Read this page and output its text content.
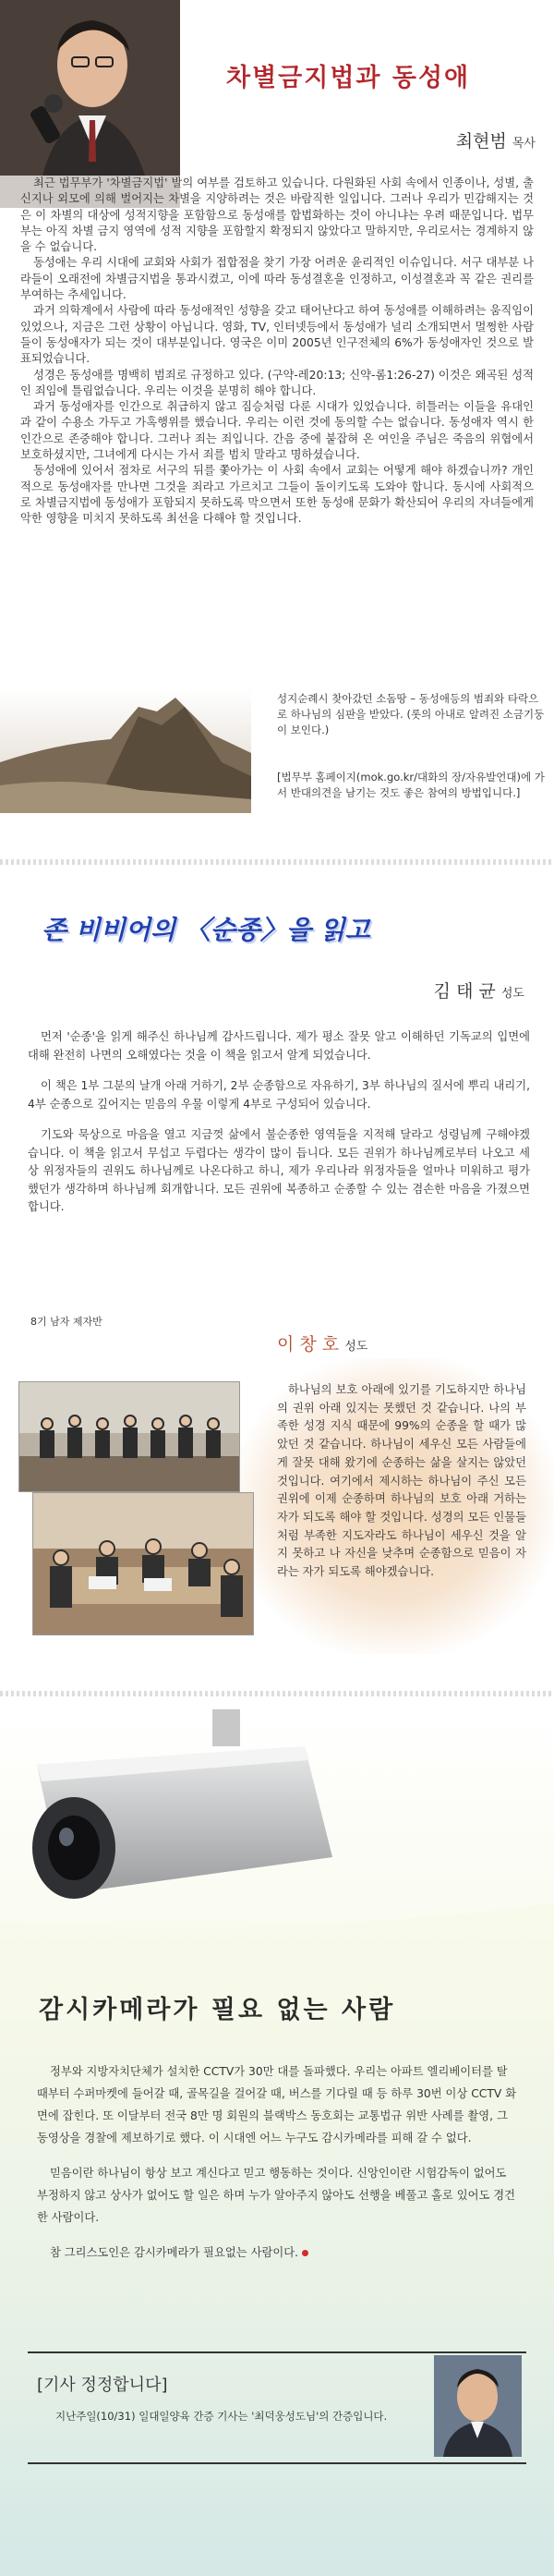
차별금지법과 동성애
최현범 목사

최근 법무부가 '차별금지법' 발의 여부를 검토하고 있습니다. 다원화된 사회 속에서 인종이나, 성별, 출신지나 외모에 의해 벌어지는 차별을 지양하려는 것은 바람직한 일입니다. 그러나 우리가 민감해지는 것은 이 차별의 대상에 성적지향을 포함함으로 동성애를 합법화하는 것이 아니냐는 우려 때문입니다. 법무부는 아직 차별 금지 영역에 성적 지향을 포함할지 확정되지 않았다고 말하지만, 우리로서는 경계하지 않을 수 없습니다.

동성애는 우리 시대에 교회와 사회가 접합점을 찾기 가장 어려운 윤리적인 이슈입니다. 서구 대부분 나라들이 오래전에 차별금지법을 통과시켰고, 이에 따라 동성결혼을 인정하고, 이성결혼과 꼭 같은 권리를 부여하는 추세입니다.

과거 의학계에서 사람에 따라 동성애적인 성향을 갖고 태어난다고 하여 동성애를 이해하려는 움직임이 있었으나, 지금은 그런 상황이 아닙니다. 영화, TV, 인터넷등에서 동성애가 널리 소개되면서 멀쩡한 사람들이 동성애자가 되는 것이 대부분입니다. 영국은 이미 2005년 인구전체의 6%가 동성애자인 것으로 발표되었습니다.

성경은 동성애를 명백히 범죄로 규정하고 있다. (구약-레20:13; 신약-롬1:26-27) 이것은 왜곡된 성적인 죄임에 틀림없습니다. 우리는 이것을 분명히 해야 합니다.

과거 동성애자를 인간으로 취급하지 않고 짐승처럼 다룬 시대가 있었습니다. 히틀러는 이들을 유대인과 같이 수용소 가두고 가혹행위를 했습니다. 우리는 이런 것에 동의할 수는 없습니다. 동성애자 역시 한 인간으로 존중해야 합니다. 그러나 죄는 죄입니다. 간음 중에 붙잡혀 온 여인을 주님은 죽음의 위협에서 보호하셨지만, 그녀에게 다시는 가서 죄를 범치 말라고 명하셨습니다.

동성애에 있어서 점차로 서구의 뒤를 쫓아가는 이 사회 속에서 교회는 어떻게 해야 하겠습니까? 개인적으로 동성애자를 만나면 그것을 죄라고 가르치고 그들이 돌이키도록 도와야 합니다. 동시에 사회적으로 차별금지법에 동성애가 포함되지 못하도록 막으면서 또한 동성애 문화가 확산되어 우리의 자녀들에게 악한 영향을 미치지 못하도록 최선을 다해야 할 것입니다.

성지순례시 찾아갔던 소돔땅 – 동성애등의 범죄와 타락으로 하나님의 심판을 받았다. (롯의 아내로 알려진 소금기둥이 보인다.)
[법무부 홈페이지(mok.go.kr/대화의 장/자유발언대)에 가서 반대의견을 남기는 것도 좋은 참여의 방법입니다.]
존 비비어의 〈순종〉을 읽고
김 태 균 성도

먼저 '순종'을 읽게 해주신 하나님께 감사드립니다. 제가 평소 잘못 알고 이해하던 기독교의 입면에 대해 완전히 나면의 오해였다는 것을 이 책을 읽고서 알게 되었습니다.

이 책은 1부 그분의 날개 아래 거하기, 2부 순종함으로 자유하기, 3부 하나님의 질서에 뿌리 내리기, 4부 순종으로 깊어지는 믿음의 우물 이렇게 4부로 구성되어 있습니다.

기도와 묵상으로 마음을 열고 지금껏 삶에서 불순종한 영역들을 지적해 달라고 성령님께 구해야겠습니다. 이 책을 읽고서 무섭고 두렵다는 생각이 많이 듭니다. 모든 권위가 하나님께로부터 나오고 세상 위정자들의 권위도 하나님께로 나온다하고 하니, 제가 우리나라 위정자들을 얼마나 미워하고 평가했던가 생각하며 하나님께 회개합니다. 모든 권위에 복종하고 순종할 수 있는 겸손한 마음을 가졌으면 합니다.

8기 남자 제자반
이 창 호 성도

하나님의 보호 아래에 있기를 기도하지만 하나님의 권위 아래 있지는 못했던 것 같습니다. 나의 부족한 성경 지식 때문에 99%의 순종을 할 때가 많았던 것 같습니다. 하나님이 세우신 모든 사람들에게 잘못 대해 왔기에 순종하는 삶을 살지는 않았던 것입니다. 여기에서 제시하는 하나님이 주신 모든 권위에 이제 순종하며 하나님의 보호 아래 거하는 자가 되도록 해야 할 것입니다. 성경의 모든 인물들처럼 부족한 지도자라도 하나님이 세우신 것을 알지 못하고 나 자신을 낮추며 순종함으로 믿음이 자라는 자가 되도록 해야겠습니다.

감시카메라가 필요 없는 사람

정부와 지방자치단체가 설치한 CCTV가 30만 대를 돌파했다. 우리는 아파트 엘리베이터를 탈 때부터 수퍼마켓에 들어갈 때, 골목길을 걸어갈 때, 버스를 기다릴 때 등 하루 30번 이상 CCTV 화면에 잡힌다. 또 이달부터 전국 8만 명 회원의 블랙박스 동호회는 교통법규 위반 사례를 촬영, 그 동영상을 경찰에 제보하기로 했다. 이 시대엔 어느 누구도 감시카메라를 피해 갈 수 없다.

믿음이란 하나님이 항상 보고 계신다고 믿고 행동하는 것이다. 신앙인이란 시험감독이 없어도 부정하지 않고 상사가 없어도 할 일은 하며 누가 알아주지 않아도 선행을 베풀고 홀로 있어도 경건한 사람이다.

참 그리스도인은 감시카메라가 필요없는 사람이다.

[기사 정정합니다]
지난주일(10/31) 일대일양육 간증 기사는 '최덕웅성도님'의 간증입니다.
